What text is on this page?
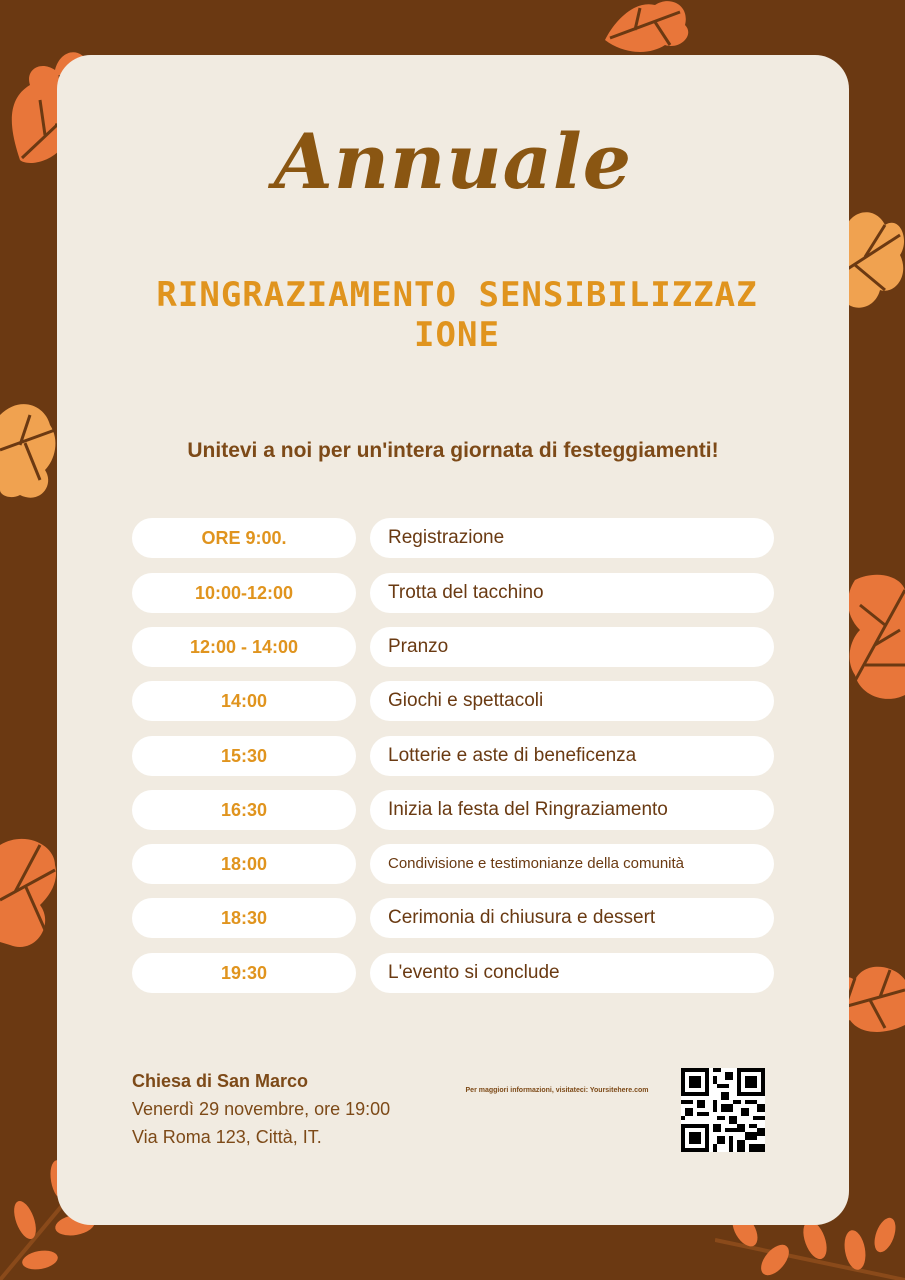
Annuale
RINGRAZIAMENTO SENSIBILIZZAZ IONE
Unitevi a noi per un'intera giornata di festeggiamenti!
ORE 9:00.	Registrazione
10:00-12:00	Trotta del tacchino
12:00 - 14:00	Pranzo
14:00	Giochi e spettacoli
15:30	Lotterie e aste di beneficenza
16:30	Inizia la festa del Ringraziamento
18:00	Condivisione e testimonianze della comunità
18:30	Cerimonia di chiusura e dessert
19:30	L'evento si conclude
Chiesa di San Marco
Venerdì 29 novembre, ore 19:00
Via Roma 123, Città, IT.
Per maggiori informazioni, visitateci: Yoursitehere.com
